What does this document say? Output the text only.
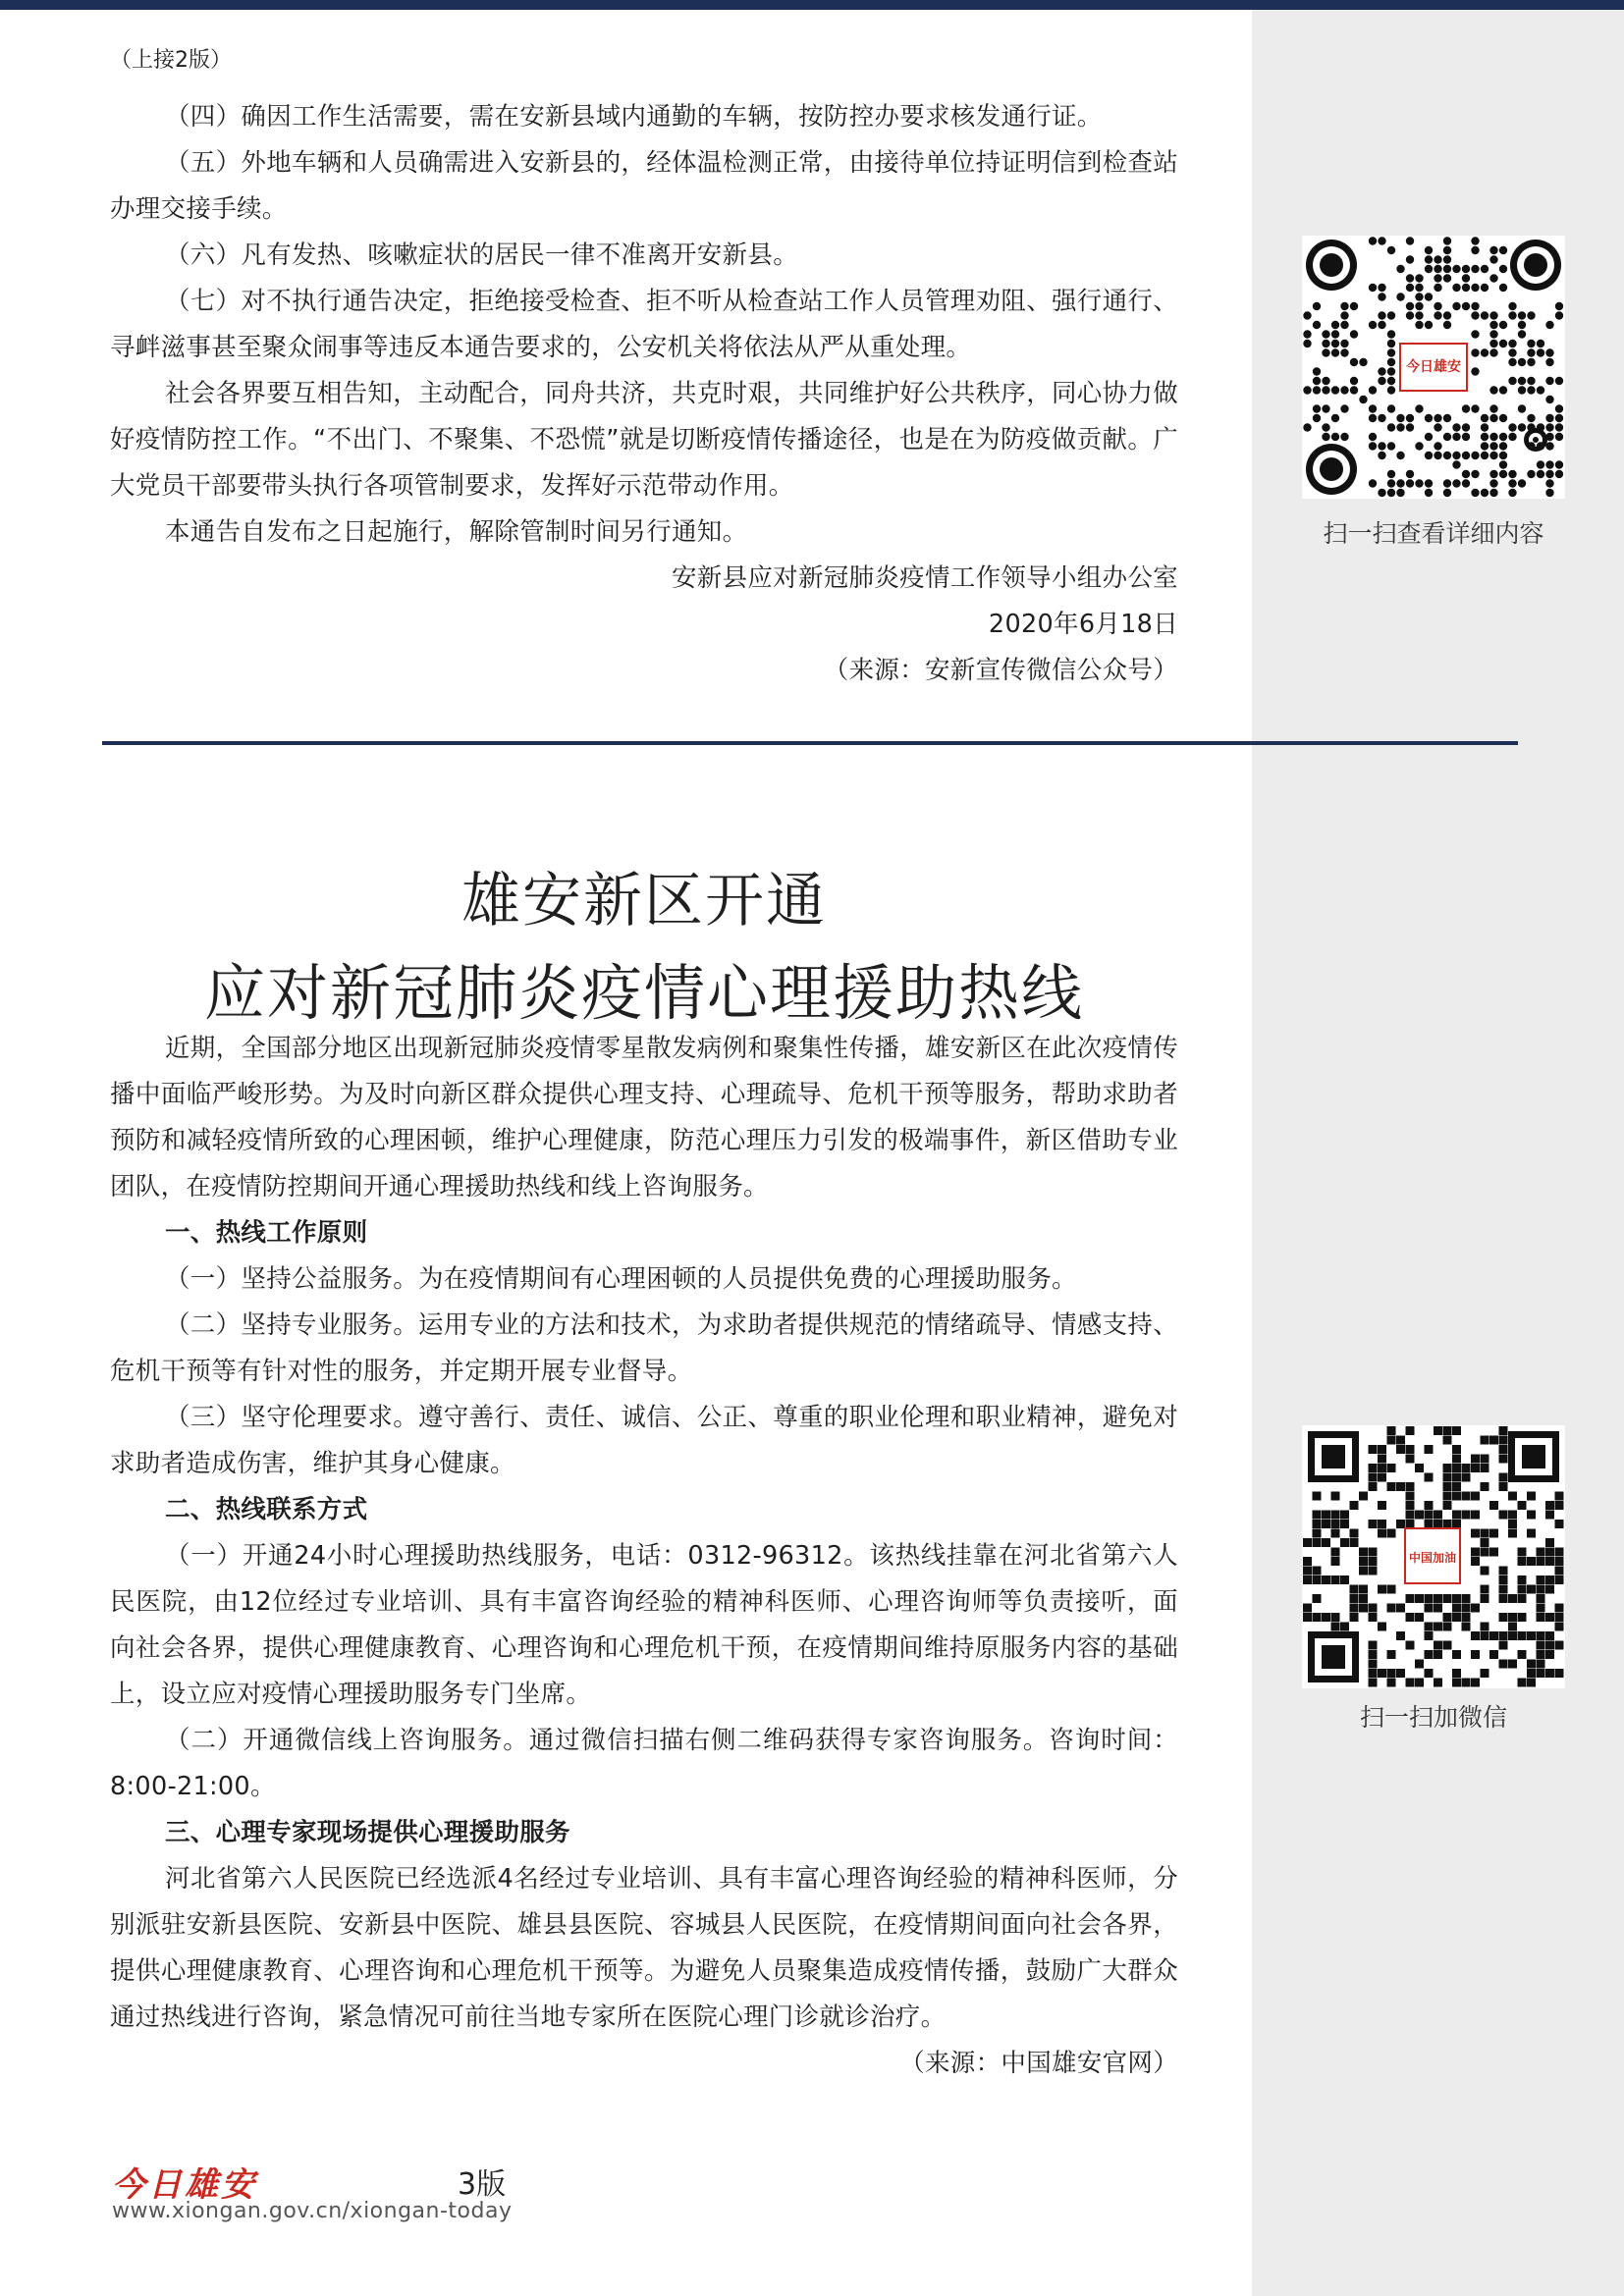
（上接2版）

（四）确因工作生活需要，需在安新县域内通勤的车辆，按防控办要求核发通行证。

（五）外地车辆和人员确需进入安新县的，经体温检测正常，由接待单位持证明信到检查站办理交接手续。

（六）凡有发热、咳嗽症状的居民一律不准离开安新县。

（七）对不执行通告决定，拒绝接受检查、拒不听从检查站工作人员管理劝阻、强行通行、寻衅滋事甚至聚众闹事等违反本通告要求的，公安机关将依法从严从重处理。

社会各界要互相告知，主动配合，同舟共济，共克时艰，共同维护好公共秩序，同心协力做好疫情防控工作。“不出门、不聚集、不恐慌”就是切断疫情传播途径，也是在为防疫做贡献。广大党员干部要带头执行各项管制要求，发挥好示范带动作用。

本通告自发布之日起施行，解除管制时间另行通知。

安新县应对新冠肺炎疫情工作领导小组办公室

2020年6月18日

（来源：安新宣传微信公众号）

雄安新区开通
应对新冠肺炎疫情心理援助热线

近期，全国部分地区出现新冠肺炎疫情零星散发病例和聚集性传播，雄安新区在此次疫情传播中面临严峻形势。为及时向新区群众提供心理支持、心理疏导、危机干预等服务，帮助求助者预防和减轻疫情所致的心理困顿，维护心理健康，防范心理压力引发的极端事件，新区借助专业团队，在疫情防控期间开通心理援助热线和线上咨询服务。

一、热线工作原则

（一）坚持公益服务。为在疫情期间有心理困顿的人员提供免费的心理援助服务。

（二）坚持专业服务。运用专业的方法和技术，为求助者提供规范的情绪疏导、情感支持、危机干预等有针对性的服务，并定期开展专业督导。

（三）坚守伦理要求。遵守善行、责任、诚信、公正、尊重的职业伦理和职业精神，避免对求助者造成伤害，维护其身心健康。

二、热线联系方式

（一）开通24小时心理援助热线服务，电话：0312-96312。该热线挂靠在河北省第六人民医院，由12位经过专业培训、具有丰富咨询经验的精神科医师、心理咨询师等负责接听，面向社会各界，提供心理健康教育、心理咨询和心理危机干预，在疫情期间维持原服务内容的基础上，设立应对疫情心理援助服务专门坐席。

（二）开通微信线上咨询服务。通过微信扫描右侧二维码获得专家咨询服务。咨询时间：8:00-21:00。

三、心理专家现场提供心理援助服务

河北省第六人民医院已经选派4名经过专业培训、具有丰富心理咨询经验的精神科医师，分别派驻安新县医院、安新县中医院、雄县县医院、容城县人民医院，在疫情期间面向社会各界，提供心理健康教育、心理咨询和心理危机干预等。为避免人员聚集造成疫情传播，鼓励广大群众通过热线进行咨询，紧急情况可前往当地专家所在医院心理门诊就诊治疗。

（来源：中国雄安官网）

今日雄安
扫一扫查看详细内容
中国加油
扫一扫加微信
今日雄安	3版
www.xiongan.gov.cn/xiongan-today
